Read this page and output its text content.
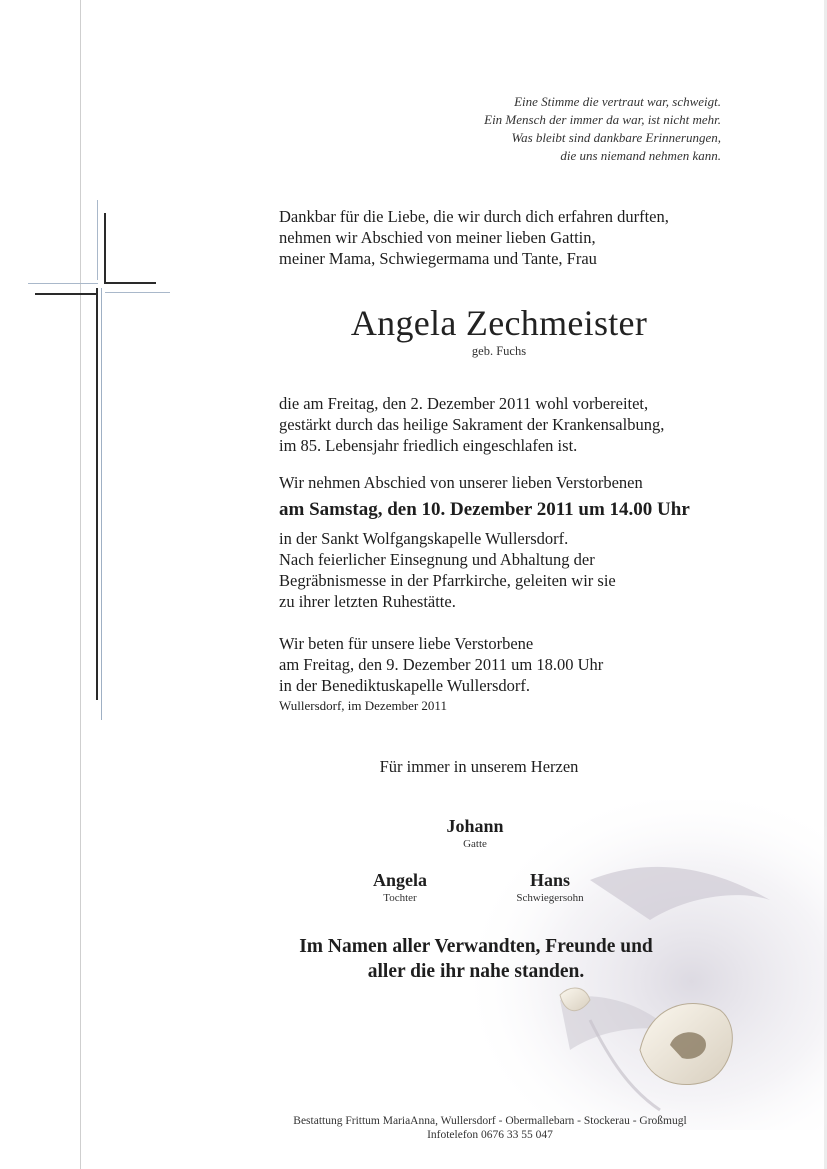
Eine Stimme die vertraut war, schweigt.
Ein Mensch der immer da war, ist nicht mehr.
Was bleibt sind dankbare Erinnerungen,
die uns niemand nehmen kann.
Dankbar für die Liebe, die wir durch dich erfahren durften,
nehmen wir Abschied von meiner lieben Gattin,
meiner Mama, Schwiegermama und Tante, Frau
Angela Zechmeister
geb. Fuchs
die am Freitag, den 2. Dezember 2011 wohl vorbereitet,
gestärkt durch das heilige Sakrament der Krankensalbung,
im 85. Lebensjahr friedlich eingeschlafen ist.
Wir nehmen Abschied von unserer lieben Verstorbenen
am Samstag, den 10. Dezember 2011 um 14.00 Uhr
in der Sankt Wolfgangskapelle Wullersdorf.
Nach feierlicher Einsegnung und Abhaltung der
Begräbnismesse in der Pfarrkirche, geleiten wir sie
zu ihrer letzten Ruhestätte.
Wir beten für unsere liebe Verstorbene
am Freitag, den 9. Dezember 2011 um 18.00 Uhr
in der Benediktuskapelle Wullersdorf.
Wullersdorf, im Dezember 2011
Für immer in unserem Herzen
Johann
Gatte
Angela
Tochter
Hans
Schwiegersohn
Im Namen aller Verwandten, Freunde und
aller die ihr nahe standen.
Bestattung Frittum MariaAnna, Wullersdorf - Obermallebarn - Stockerau - Großmugl
Infotelefon 0676 33 55 047
